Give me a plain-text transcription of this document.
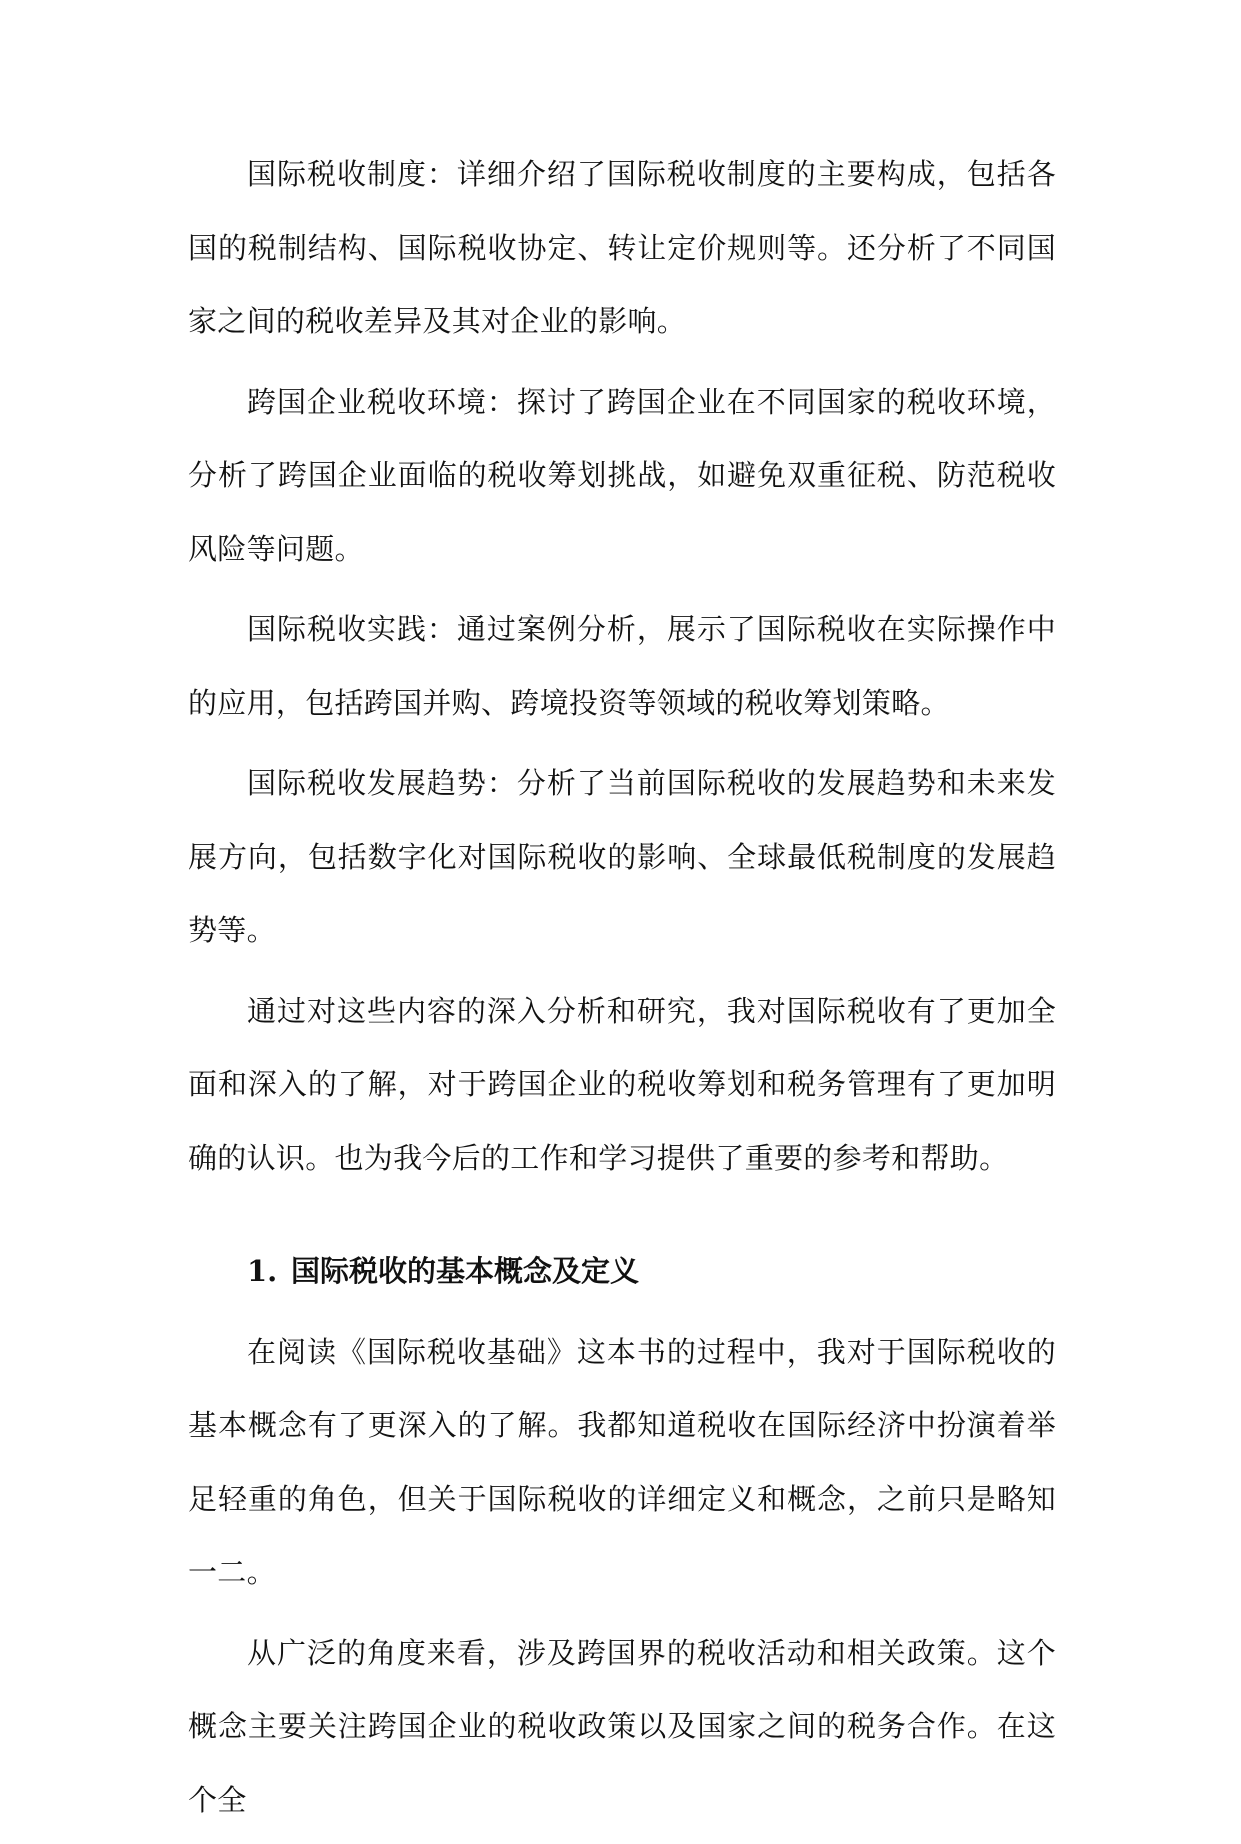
国际税收制度：详细介绍了国际税收制度的主要构成，包括各国的税制结构、国际税收协定、转让定价规则等。还分析了不同国家之间的税收差异及其对企业的影响。

跨国企业税收环境：探讨了跨国企业在不同国家的税收环境，分析了跨国企业面临的税收筹划挑战，如避免双重征税、防范税收风险等问题。

国际税收实践：通过案例分析，展示了国际税收在实际操作中的应用，包括跨国并购、跨境投资等领域的税收筹划策略。

国际税收发展趋势：分析了当前国际税收的发展趋势和未来发展方向，包括数字化对国际税收的影响、全球最低税制度的发展趋势等。

通过对这些内容的深入分析和研究，我对国际税收有了更加全面和深入的了解，对于跨国企业的税收筹划和税务管理有了更加明确的认识。也为我今后的工作和学习提供了重要的参考和帮助。

1. 国际税收的基本概念及定义

在阅读《国际税收基础》这本书的过程中，我对于国际税收的基本概念有了更深入的了解。我都知道税收在国际经济中扮演着举足轻重的角色，但关于国际税收的详细定义和概念，之前只是略知一二。

从广泛的角度来看，涉及跨国界的税收活动和相关政策。这个概念主要关注跨国企业的税收政策以及国家之间的税务合作。在这个全
